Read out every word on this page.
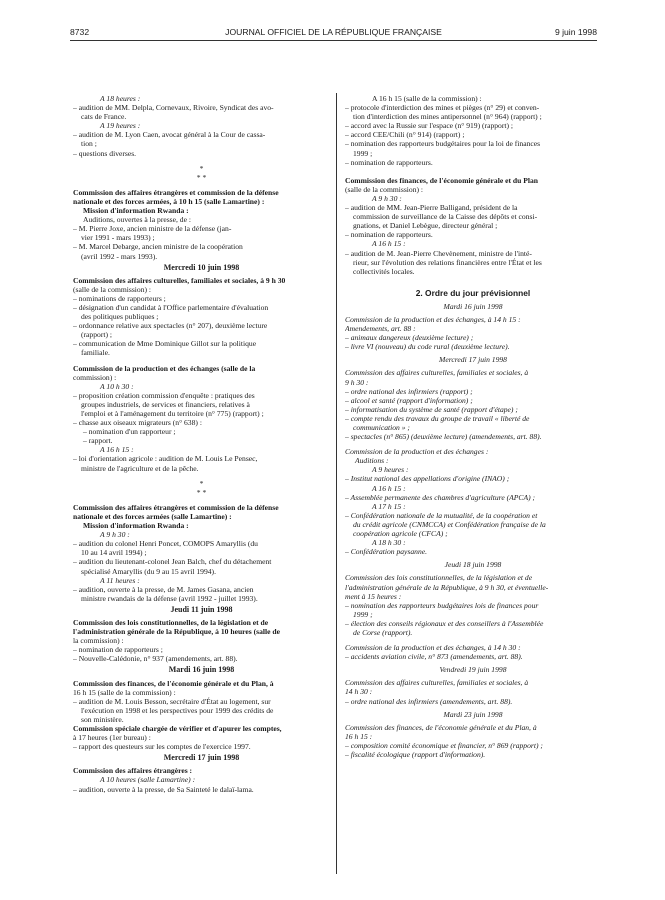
8732	JOURNAL OFFICIEL DE LA RÉPUBLIQUE FRANÇAISE	9 juin 1998
A 18 heures :
– audition de MM. Delpla, Cornevaux, Rivoire, Syndicat des avo-
cats de France.
A 19 heures :
– audition de M. Lyon Caen, avocat général à la Cour de cassa-
tion ;
– questions diverses.
*
* *
Commission des affaires étrangères et commission de la défense
nationale et des forces armées, à 10 h 15 (salle Lamartine) :
Mission d'information Rwanda :
Auditions, ouvertes à la presse, de :
– M. Pierre Joxe, ancien ministre de la défense (jan-
vier 1991 - mars 1993) ;
– M. Marcel Debarge, ancien ministre de la coopération
(avril 1992 - mars 1993).
Mercredi 10 juin 1998
Commission des affaires culturelles, familiales et sociales, à 9 h 30
(salle de la commission) :
– nominations de rapporteurs ;
– désignation d'un candidat à l'Office parlementaire d'évaluation
des politiques publiques ;
– ordonnance relative aux spectacles (n° 207), deuxième lecture
(rapport) ;
– communication de Mme Dominique Gillot sur la politique
familiale.
Commission de la production et des échanges (salle de la
commission) :
A 10 h 30 :
– proposition création commission d'enquête : pratiques des
groupes industriels, de services et financiers, relatives à
l'emploi et à l'aménagement du territoire (n° 775) (rapport) ;
– chasse aux oiseaux migrateurs (n° 638) :
– nomination d'un rapporteur ;
– rapport.
A 16 h 15 :
– loi d'orientation agricole : audition de M. Louis Le Pensec,
ministre de l'agriculture et de la pêche.
*
* *
Commission des affaires étrangères et commission de la défense
nationale et des forces armées (salle Lamartine) :
Mission d'information Rwanda :
A 9 h 30 :
– audition du colonel Henri Poncet, COMOPS Amaryllis (du
10 au 14 avril 1994) ;
– audition du lieutenant-colonel Jean Balch, chef du détachement
spécialisé Amaryllis (du 9 au 15 avril 1994).
A 11 heures :
– audition, ouverte à la presse, de M. James Gasana, ancien
ministre rwandais de la défense (avril 1992 - juillet 1993).
Jeudi 11 juin 1998
Commission des lois constitutionnelles, de la législation et de
l'administration générale de la République, à 10 heures (salle de
la commission) :
– nomination de rapporteurs ;
– Nouvelle-Calédonie, n° 937 (amendements, art. 88).
Mardi 16 juin 1998
Commission des finances, de l'économie générale et du Plan, à
16 h 15 (salle de la commission) :
– audition de M. Louis Besson, secrétaire d'État au logement, sur
l'exécution en 1998 et les perspectives pour 1999 des crédits de
son ministère.
Commission spéciale chargée de vérifier et d'apurer les comptes,
à 17 heures (1er bureau) :
– rapport des questeurs sur les comptes de l'exercice 1997.
Mercredi 17 juin 1998
Commission des affaires étrangères :
A 10 heures (salle Lamartine) :
– audition, ouverte à la presse, de Sa Sainteté le dalaï-lama.
A 16 h 15 (salle de la commission) :
– protocole d'interdiction des mines et pièges (n° 29) et conven-
tion d'interdiction des mines antipersonnel (n° 964) (rapport) ;
– accord avec la Russie sur l'espace (n° 919) (rapport) ;
– accord CEE/Chili (n° 914) (rapport) ;
– nomination des rapporteurs budgétaires pour la loi de finances
1999 ;
– nomination de rapporteurs.
Commission des finances, de l'économie générale et du Plan
(salle de la commission) :
A 9 h 30 :
– audition de MM. Jean-Pierre Balligand, président de la
commission de surveillance de la Caisse des dépôts et consi-
gnations, et Daniel Lebègue, directeur général ;
– nomination de rapporteurs.
A 16 h 15 :
– audition de M. Jean-Pierre Chevènement, ministre de l'inté-
rieur, sur l'évolution des relations financières entre l'État et les
collectivités locales.
2. Ordre du jour prévisionnel
Mardi 16 juin 1998
Commission de la production et des échanges, à 14 h 15 :
Amendements, art. 88 :
– animaux dangereux (deuxième lecture) ;
– livre VI (nouveau) du code rural (deuxième lecture).
Mercredi 17 juin 1998
Commission des affaires culturelles, familiales et sociales, à
9 h 30 :
– ordre national des infirmiers (rapport) ;
– alcool et santé (rapport d'information) ;
– informatisation du système de santé (rapport d'étape) ;
– compte rendu des travaux du groupe de travail « liberté de
communication » ;
– spectacles (n° 865) (deuxième lecture) (amendements, art. 88).
Commission de la production et des échanges :
Auditions :
A 9 heures :
– Institut national des appellations d'origine (INAO) ;
A 16 h 15 :
– Assemblée permanente des chambres d'agriculture (APCA) ;
A 17 h 15 :
– Confédération nationale de la mutualité, de la coopération et
du crédit agricole (CNMCCA) et Confédération française de la
coopération agricole (CFCA) ;
A 18 h 30 :
– Confédération paysanne.
Jeudi 18 juin 1998
Commission des lois constitutionnelles, de la législation et de
l'administration générale de la République, à 9 h 30, et éventuelle-
ment à 15 heures :
– nomination des rapporteurs budgétaires lois de finances pour
1999 ;
– élection des conseils régionaux et des conseillers à l'Assemblée
de Corse (rapport).
Commission de la production et des échanges, à 14 h 30 :
– accidents aviation civile, n° 873 (amendements, art. 88).
Vendredi 19 juin 1998
Commission des affaires culturelles, familiales et sociales, à
14 h 30 :
– ordre national des infirmiers (amendements, art. 88).
Mardi 23 juin 1998
Commission des finances, de l'économie générale et du Plan, à
16 h 15 :
– composition comité économique et financier, n° 869 (rapport) ;
– fiscalité écologique (rapport d'information).
